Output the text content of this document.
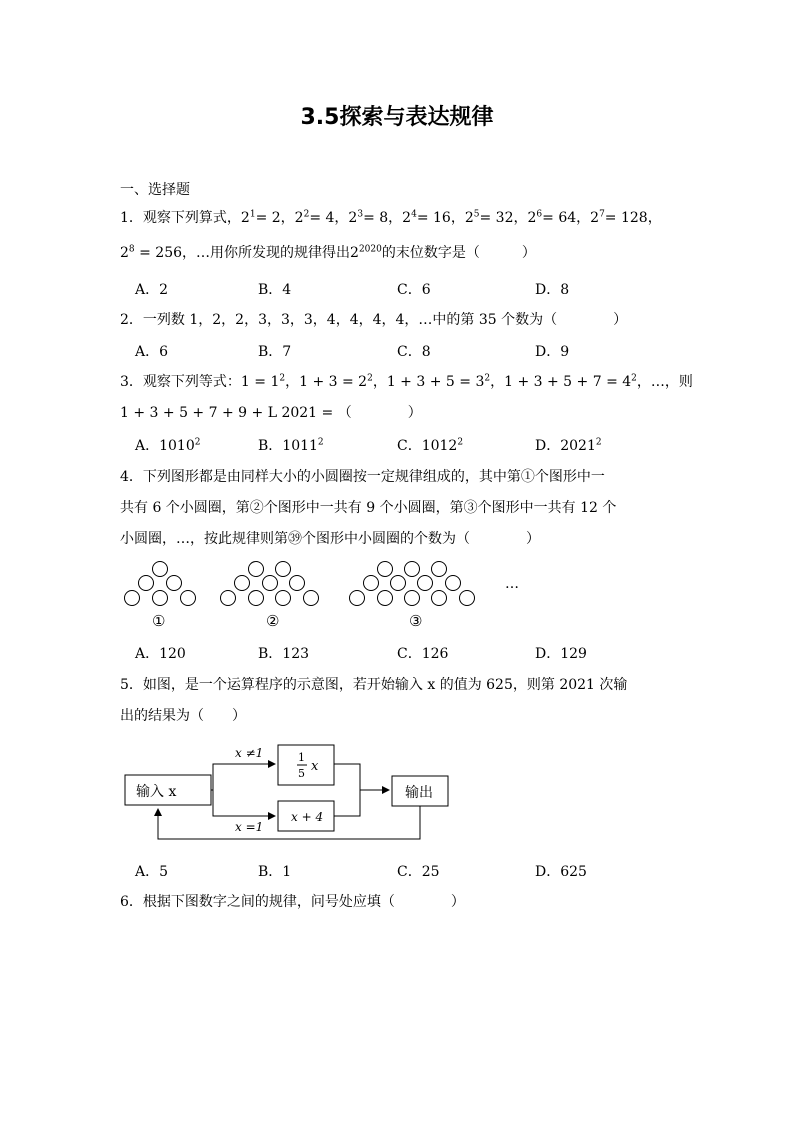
3.5探索与表达规律
一、选择题
1．观察下列算式，$2^1= 2$，$2^2= 4$，$2^3= 8$，$2^4= 16$，$2^5= 32$，$2^6= 64$，$2^7= 128$，
$2^8 = 256$，…用你所发现的规律得出$2^{2020}$的末位数字是（　　　）
A．2	B．4	C．6	D．8
2．一列数 1，2，2，3，3，3，4，4，4，4，…中的第 35 个数为（　　　　）
A．6	B．7	C．8	D．9
3．观察下列等式：$1 = 1^2$，$1 + 3 = 2^2$，$1 + 3 + 5 = 3^2$，$1 + 3 + 5 + 7 = 4^2$，…，则
1 + 3 + 5 + 7 + 9 + L 2021 = （　　　　）
A．1010$^2$	B．1011$^2$	C．1012$^2$	D．2021$^2$
4．下列图形都是由同样大小的小圆圈按一定规律组成的，其中第①个图形中一
共有 6 个小圆圈，第②个图形中一共有 9 个小圆圈，第③个图形中一共有 12 个
小圆圈，…，按此规律则第㊴个图形中小圆圈的个数为（　　　　）
…
①	②	③
A．120	B．123	C．126	D．129
5．如图，是一个运算程序的示意图，若开始输入 x 的值为 625，则第 2021 次输
出的结果为（　　）
输入 x
x ≠1
x =1
1
5 x
x + 4
输出
A．5	B．1	C．25	D．625
6．根据下图数字之间的规律，问号处应填（　　　　）
